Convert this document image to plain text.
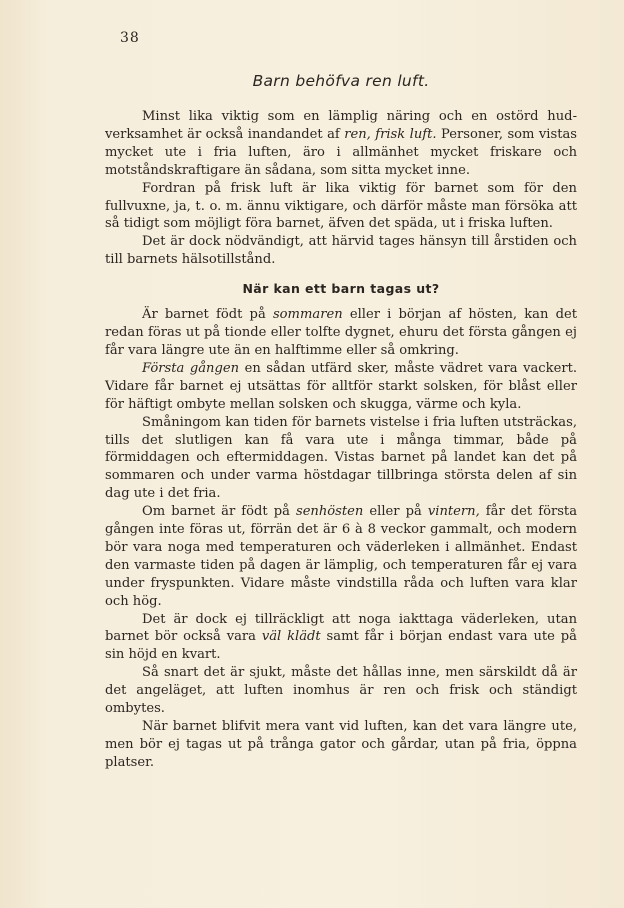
38
Barn behöfva ren luft.

Minst lika viktig som en lämplig näring och en ostörd hudverksamhet är också inandandet af ren, frisk luft. Personer, som vistas mycket ute i fria luften, äro i allmänhet mycket friskare och motståndskraftigare än sådana, som sitta mycket inne.

Fordran på frisk luft är lika viktig för barnet som för den fullvuxne, ja, t. o. m. ännu viktigare, och därför måste man försöka att så tidigt som möjligt föra barnet, äfven det späda, ut i friska luften.

Det är dock nödvändigt, att härvid tages hänsyn till årstiden och till barnets hälsotillstånd.

När kan ett barn tagas ut?

Är barnet födt på sommaren eller i början af hösten, kan det redan föras ut på tionde eller tolfte dygnet, ehuru det första gången ej får vara längre ute än en halftimme eller så omkring.

Första gången en sådan utfärd sker, måste vädret vara vackert. Vidare får barnet ej utsättas för alltför starkt solsken, för blåst eller för häftigt ombyte mellan solsken och skugga, värme och kyla.

Småningom kan tiden för barnets vistelse i fria luften utsträckas, tills det slutligen kan få vara ute i många timmar, både på förmiddagen och eftermiddagen. Vistas barnet på landet kan det på sommaren och under varma höstdagar tillbringa största delen af sin dag ute i det fria.

Om barnet är födt på senhösten eller på vintern, får det första gången inte föras ut, förrän det är 6 à 8 veckor gammalt, och modern bör vara noga med temperaturen och väderleken i allmänhet. Endast den varmaste tiden på dagen är lämplig, och temperaturen får ej vara under fryspunkten. Vidare måste vindstilla råda och luften vara klar och hög.

Det är dock ej tillräckligt att noga iakttaga väderleken, utan barnet bör också vara väl klädt samt får i början endast vara ute på sin höjd en kvart.

Så snart det är sjukt, måste det hållas inne, men särskildt då är det angeläget, att luften inomhus är ren och frisk och ständigt ombytes.

När barnet blifvit mera vant vid luften, kan det vara längre ute, men bör ej tagas ut på trånga gator och gårdar, utan på fria, öppna platser.
